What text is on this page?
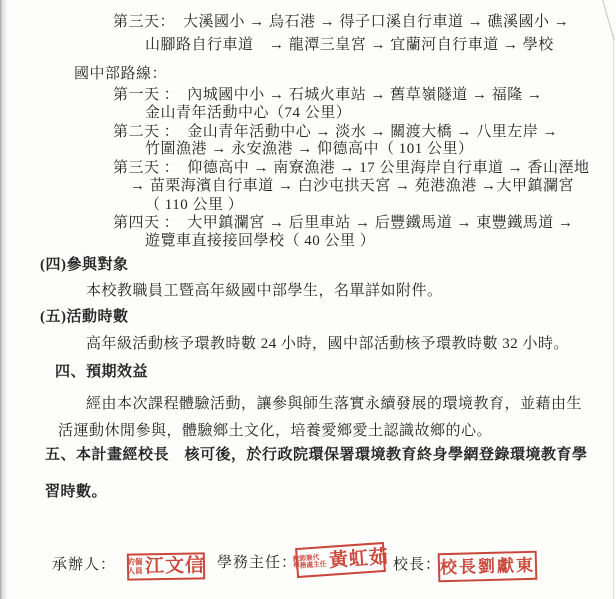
第三天：　大溪國小 → 烏石港 → 得子口溪自行車道 → 礁溪國小 →
山腳路自行車道　→ 龍潭三皇宮 → 宜蘭河自行車道 → 學校
國中部路線：
第一天 ：　內城國中小 → 石城火車站 → 舊草嶺隧道 → 福隆 →
金山青年活動中心（74 公里）
第二天 ：　金山青年活動中心 → 淡水 → 關渡大橋 → 八里左岸 →
竹圍漁港 → 永安漁港 → 仰德高中（ 101 公里）
第三天 ：　仰德高中 → 南寮漁港 → 17 公里海岸自行車道 → 香山溼地
→ 苗栗海濱自行車道 → 白沙屯拱天宮 → 苑港漁港 →大甲鎮瀾宮
（ 110 公里 ）
第四天 ：　大甲鎮瀾宮 → 后里車站 → 后豐鐵馬道 → 東豐鐵馬道 →
遊覽車直接接回學校（ 40 公里 ）
(四)參與對象
本校教職員工暨高年級國中部學生，名單詳如附件。
(五)活動時數
高年級活動核予環教時數 24 小時，國中部活動核予環教時數 32 小時。
四、預期效益
經由本次課程體驗活動，讓參與師生落實永續發展的環境教育，並藉由生
活運動休閒參與，體驗鄉土文化，培養愛鄉愛土認識故鄉的心。
五、本計畫經校長　核可後，於行政院環保署環境教育終身學網登錄環境教育學
習時數。
承辦人： 約僱
人員 江文信 學務主任：
教師兼代
學務處主任 黃虹茹 校長：
校長劉獻東
